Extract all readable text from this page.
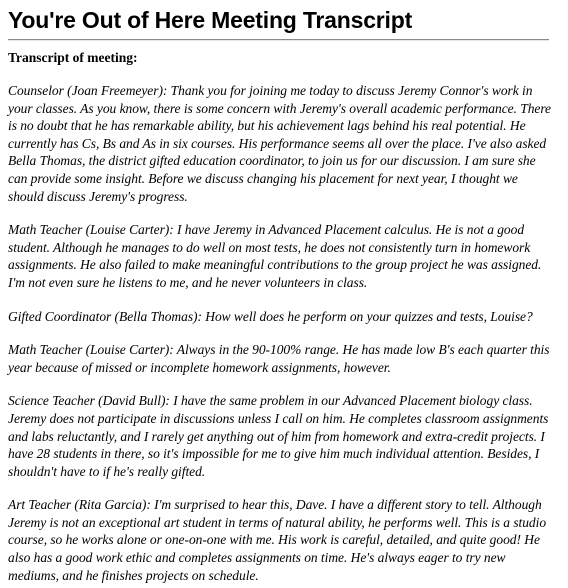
You're Out of Here Meeting Transcript

Transcript of meeting:

Counselor (Joan Freemeyer): Thank you for joining me today to discuss Jeremy Connor's work in your classes. As you know, there is some concern with Jeremy's overall academic performance. There is no doubt that he has remarkable ability, but his achievement lags behind his real potential. He currently has Cs, Bs and As in six courses. His performance seems all over the place. I've also asked Bella Thomas, the district gifted education coordinator, to join us for our discussion. I am sure she can provide some insight. Before we discuss changing his placement for next year, I thought we should discuss Jeremy's progress.

Math Teacher (Louise Carter): I have Jeremy in Advanced Placement calculus. He is not a good student. Although he manages to do well on most tests, he does not consistently turn in homework assignments. He also failed to make meaningful contributions to the group project he was assigned. I'm not even sure he listens to me, and he never volunteers in class.

Gifted Coordinator (Bella Thomas): How well does he perform on your quizzes and tests, Louise?

Math Teacher (Louise Carter): Always in the 90-100% range. He has made low B's each quarter this year because of missed or incomplete homework assignments, however.

Science Teacher (David Bull): I have the same problem in our Advanced Placement biology class. Jeremy does not participate in discussions unless I call on him. He completes classroom assignments and labs reluctantly, and I rarely get anything out of him from homework and extra-credit projects. I have 28 students in there, so it's impossible for me to give him much individual attention. Besides, I shouldn't have to if he's really gifted.

Art Teacher (Rita Garcia): I'm surprised to hear this, Dave. I have a different story to tell. Although Jeremy is not an exceptional art student in terms of natural ability, he performs well. This is a studio course, so he works alone or one-on-one with me. His work is careful, detailed, and quite good! He also has a good work ethic and completes assignments on time. He's always eager to try new mediums, and he finishes projects on schedule.
